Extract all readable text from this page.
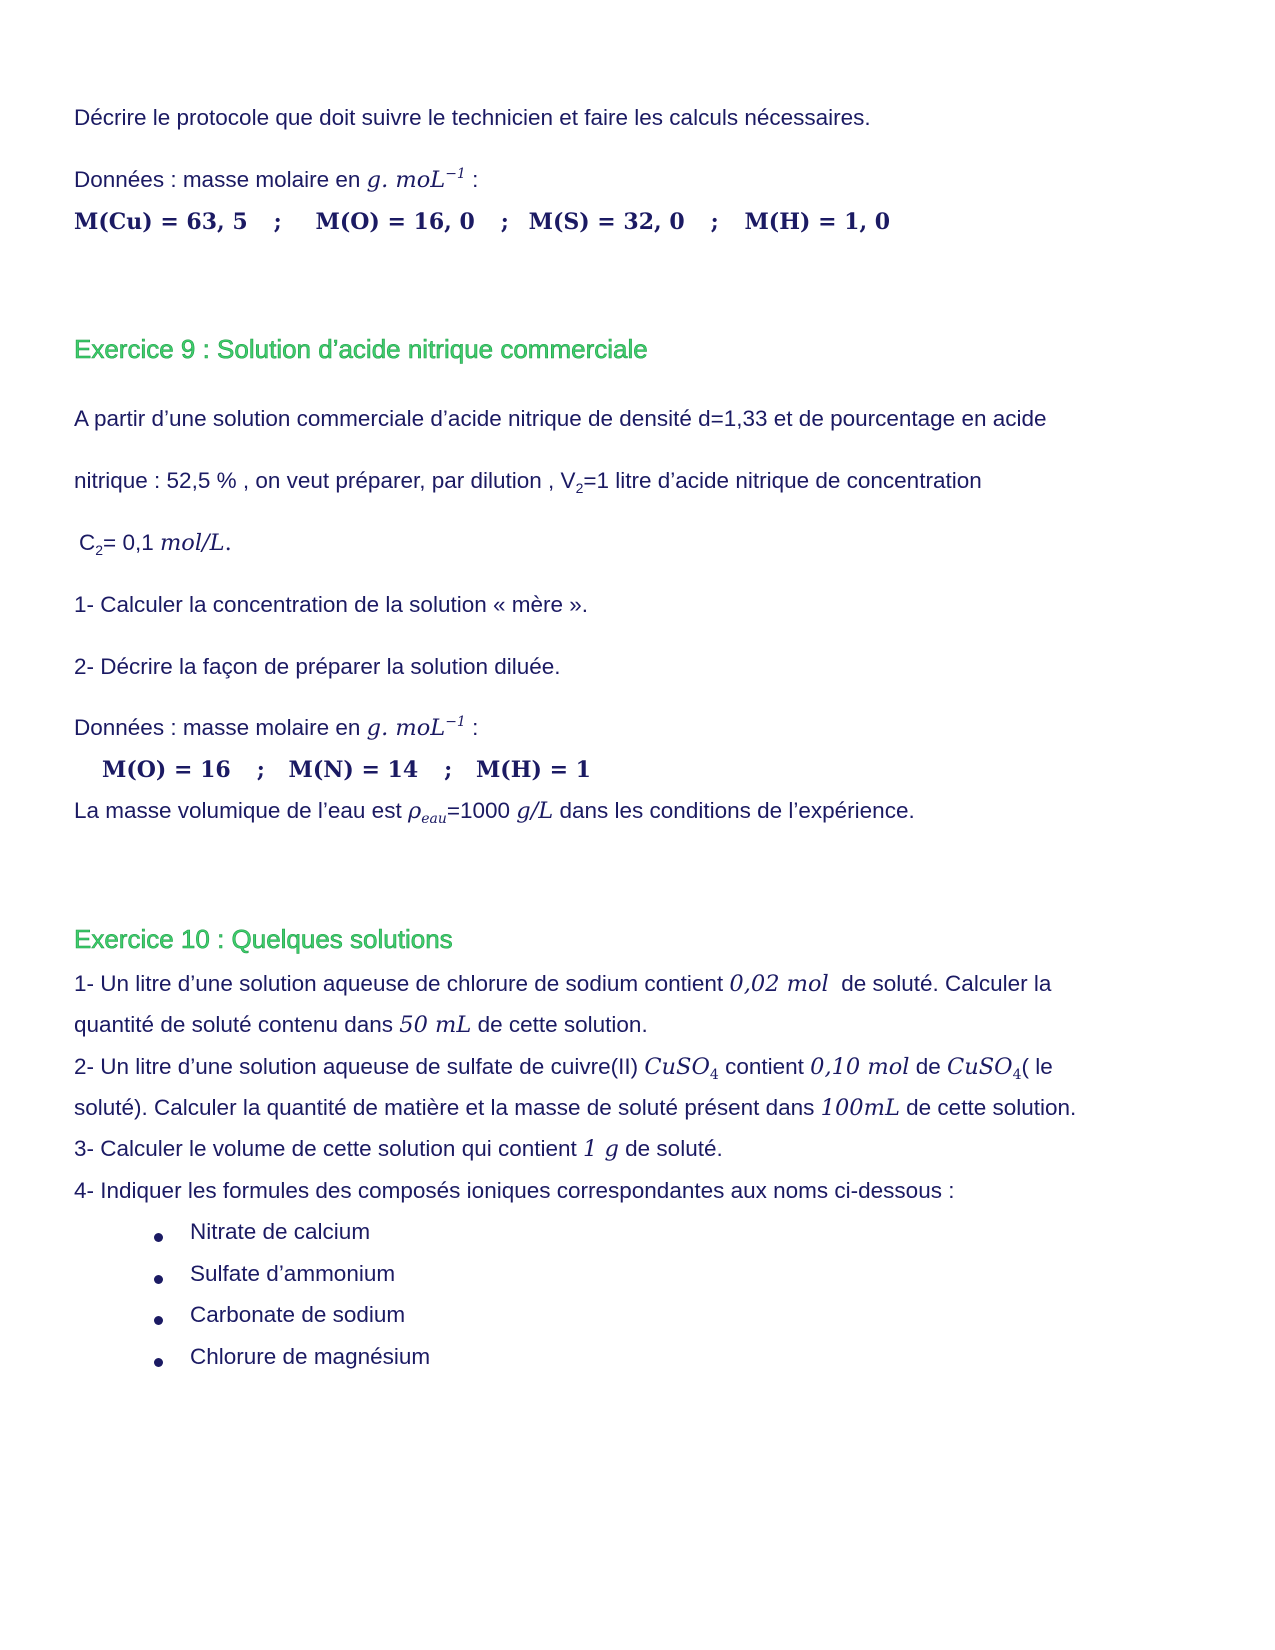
Décrire le protocole que doit suivre le technicien et faire les calculs nécessaires.
Données : masse molaire en g. moL$^{-1}$ :
M(Cu) = 63, 5 ; M(O) = 16, 0 ; M(S) = 32, 0 ; M(H) = 1, 0
Exercice 9 : Solution d’acide nitrique commerciale
A partir d’une solution commerciale d’acide nitrique de densité d=1,33 et de pourcentage en acide
nitrique : 52,5 % , on veut préparer, par dilution , $V_2=1$ litre d’acide nitrique de concentration
$C_2= 0,1$ mol/L.
1- Calculer la concentration de la solution « mère ».
2- Décrire la façon de préparer la solution diluée.
Données : masse molaire en g. moL$^{-1}$ :
M(O) = 16 ; M(N) = 14 ; M(H) = 1
La masse volumique de l’eau est $\rho_{eau}=1000$ g/L dans les conditions de l’expérience.
Exercice 10 : Quelques solutions
1- Un litre d’une solution aqueuse de chlorure de sodium contient 0,02 mol  de soluté. Calculer la
quantité de soluté contenu dans 50 mL de cette solution.
2- Un litre d’une solution aqueuse de sulfate de cuivre(II) CuSO$_4$ contient 0,10 mol de CuSO$_4$( le
soluté). Calculer la quantité de matière et la masse de soluté présent dans 100mL de cette solution.
3- Calculer le volume de cette solution qui contient 1 g de soluté.
4- Indiquer les formules des composés ioniques correspondantes aux noms ci-dessous :
Nitrate de calcium
Sulfate d’ammonium
Carbonate de sodium
Chlorure de magnésium
